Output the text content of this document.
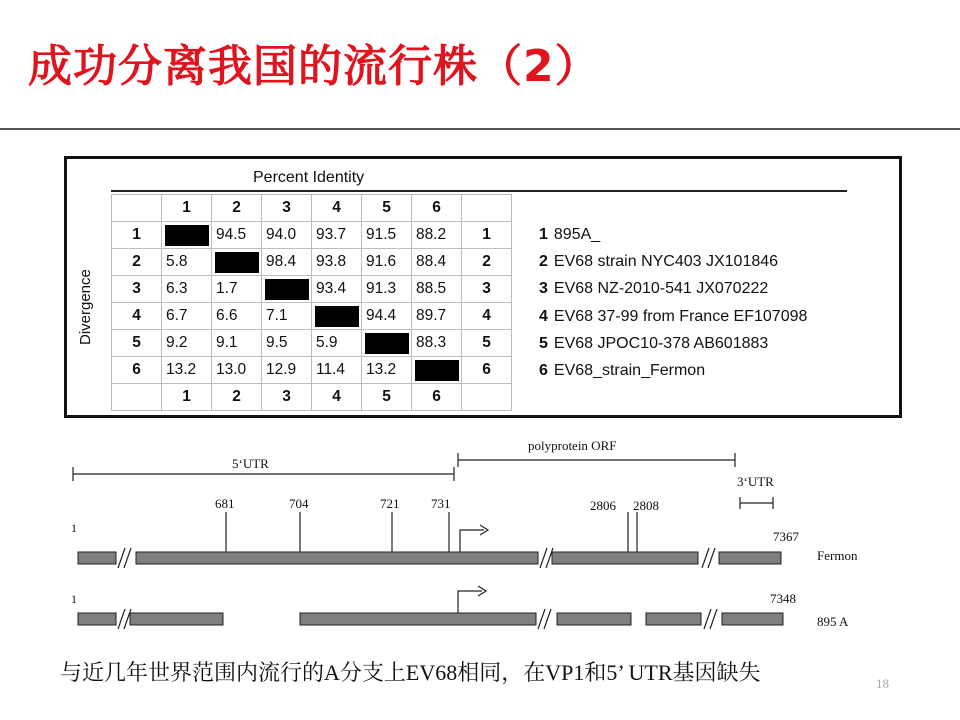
成功分离我国的流行株（2）
Percent Identity
Divergence
	1	2	3	4	5	6	
1		94.5	94.0	93.7	91.5	88.2	1
2	5.8		98.4	93.8	91.6	88.4	2
3	6.3	1.7		93.4	91.3	88.5	3
4	6.7	6.6	7.1		94.4	89.7	4
5	9.2	9.1	9.5	5.9		88.3	5
6	13.2	13.0	12.9	11.4	13.2		6
	1	2	3	4	5	6	
1 895A_
2 EV68 strain NYC403 JX101846
3 EV68 NZ-2010-541 JX070222
4 EV68 37-99 from France EF107098
5 EV68 JPOC10-378 AB601883
6 EV68_strain_Fermon
5‘UTR
polyprotein ORF
3‘UTR
681	704	721 731	2806 2808
1
7367
Fermon
1	7348
895 A
与近几年世界范围内流行的A分支上EV68相同，在VP1和5’ UTR基因缺失	18
